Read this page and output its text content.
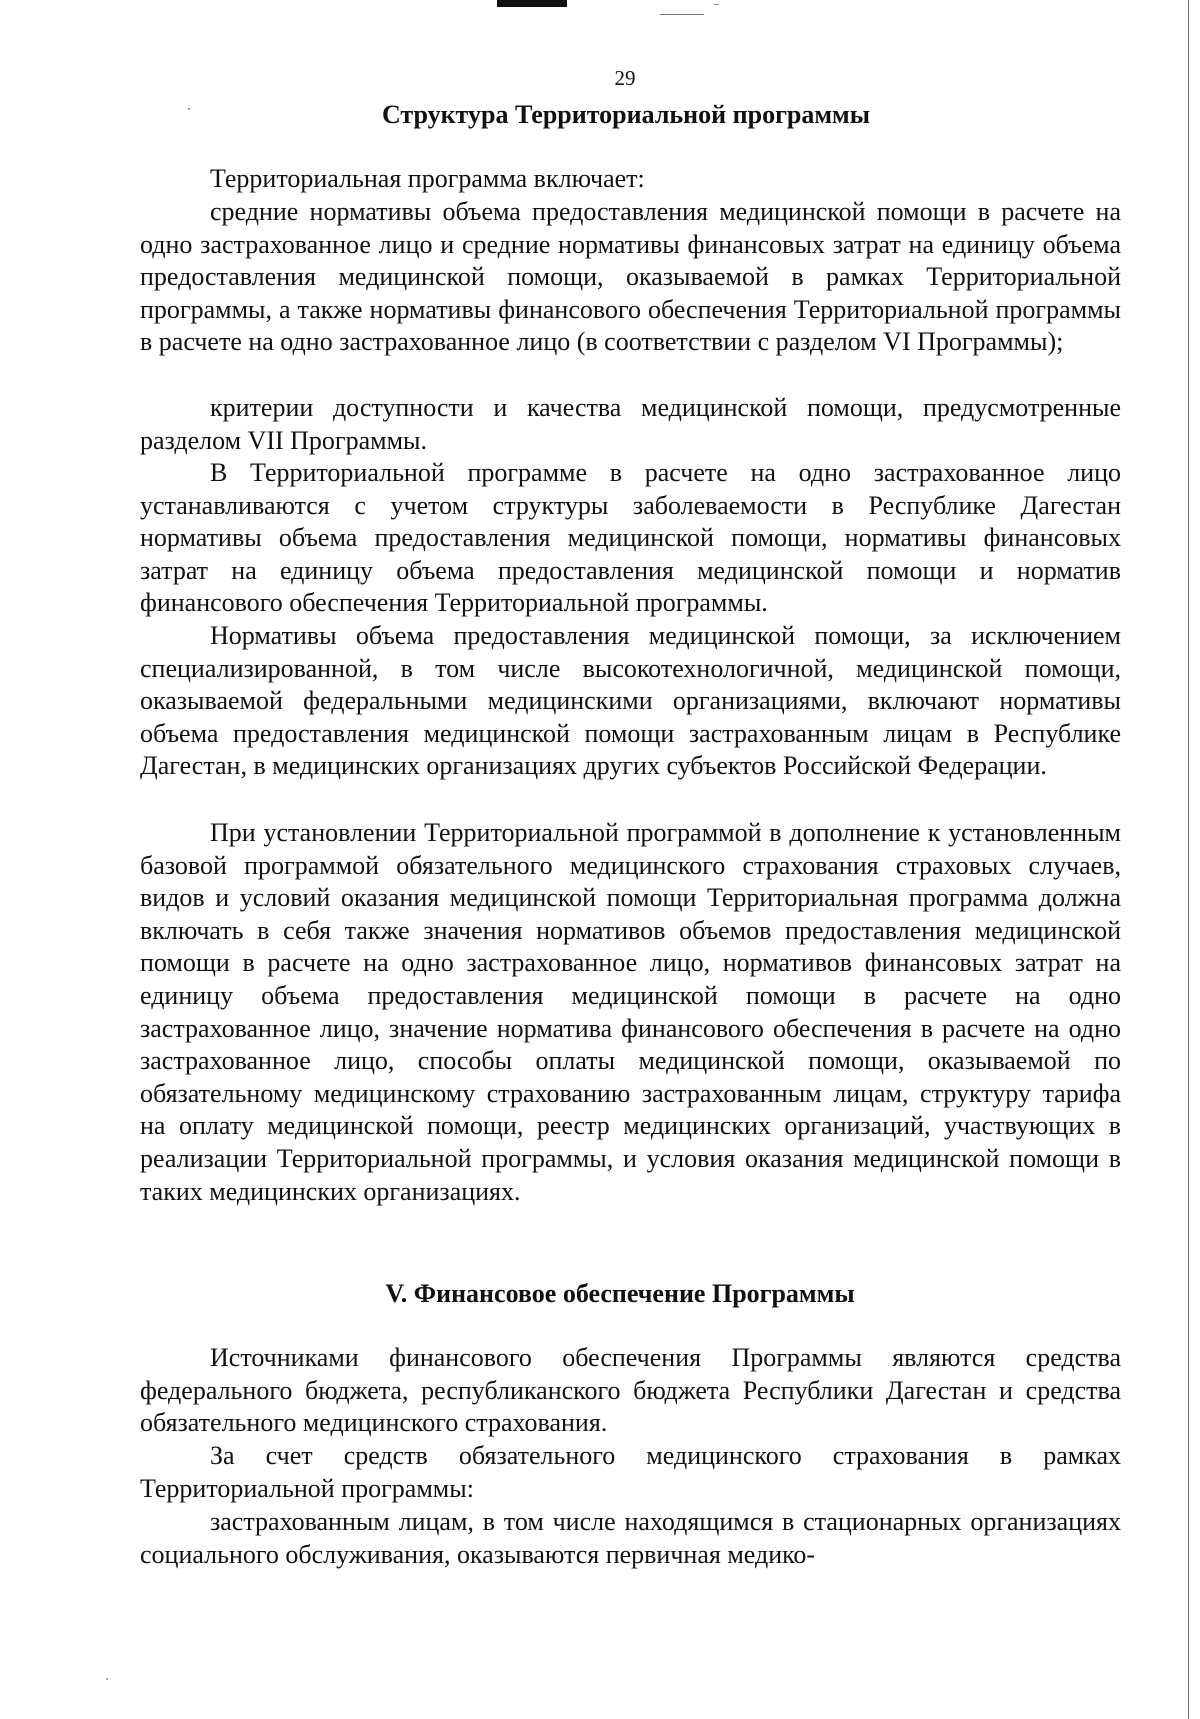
29
Структура Территориальной программы

Территориальная программа включает:

средние нормативы объема предоставления медицинской помощи в расчете на одно застрахованное лицо и средние нормативы финансовых затрат на единицу объема предоставления медицинской помощи, оказываемой в рамках Территориальной программы, а также нормативы финансового обеспечения Территориальной программы в расчете на одно застрахованное лицо (в соответствии с разделом VI Программы);

критерии доступности и качества медицинской помощи, предусмотренные разделом VII Программы.

В Территориальной программе в расчете на одно застрахованное лицо устанавливаются с учетом структуры заболеваемости в Республике Дагестан нормативы объема предоставления медицинской помощи, нормативы финансовых затрат на единицу объема предоставления медицинской помощи и норматив финансового обеспечения Территориальной программы.

Нормативы объема предоставления медицинской помощи, за исключением специализированной, в том числе высокотехнологичной, медицинской помощи, оказываемой федеральными медицинскими организациями, включают нормативы объема предоставления медицинской помощи застрахованным лицам в Республике Дагестан, в медицинских организациях других субъектов Российской Федерации.

При установлении Территориальной программой в дополнение к установленным базовой программой обязательного медицинского страхования страховых случаев, видов и условий оказания медицинской помощи Территориальная программа должна включать в себя также значения нормативов объемов предоставления медицинской помощи в расчете на одно застрахованное лицо, нормативов финансовых затрат на единицу объема предоставления медицинской помощи в расчете на одно застрахованное лицо, значение норматива финансового обеспечения в расчете на одно застрахованное лицо, способы оплаты медицинской помощи, оказываемой по обязательному медицинскому страхованию застрахованным лицам, структуру тарифа на оплату медицинской помощи, реестр медицинских организаций, участвующих в реализации Территориальной программы, и условия оказания медицинской помощи в таких медицинских организациях.

V. Финансовое обеспечение Программы

Источниками финансового обеспечения Программы являются средства федерального бюджета, республиканского бюджета Республики Дагестан и средства обязательного медицинского страхования.

За счет средств обязательного медицинского страхования в рамках Территориальной программы:

застрахованным лицам, в том числе находящимся в стационарных организациях социального обслуживания, оказываются первичная медико-
